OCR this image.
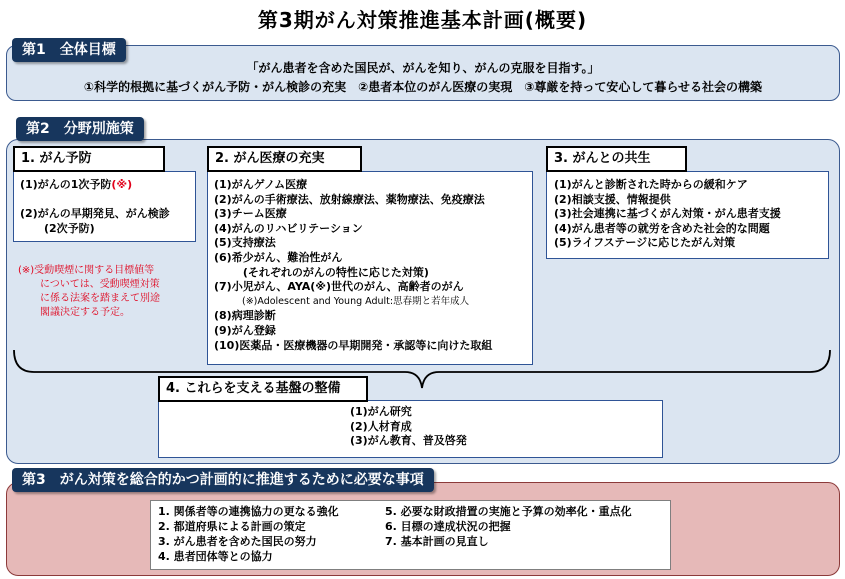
第3期がん対策推進基本計画(概要)
第1　全体目標
「がん患者を含めた国民が、がんを知り、がんの克服を目指す。」
①科学的根拠に基づくがん予防・がん検診の充実　②患者本位のがん医療の実現　③尊厳を持って安心して暮らせる社会の構築
第2　分野別施策
1. がん予防
(1)がんの1次予防(※)
(2)がんの早期発見、がん検診
(2次予防)
(※)受動喫煙に関する目標値等
については、受動喫煙対策
に係る法案を踏まえて別途
閣議決定する予定。
2. がん医療の充実
(1)がんゲノム医療
(2)がんの手術療法、放射線療法、薬物療法、免疫療法
(3)チーム医療
(4)がんのリハビリテーション
(5)支持療法
(6)希少がん、難治性がん
　 (それぞれのがんの特性に応じた対策)
(7)小児がん、AYA(※)世代のがん、高齢者のがん
(※)Adolescent and Young Adult:思春期と若年成人
(8)病理診断
(9)がん登録
(10)医薬品・医療機器の早期開発・承認等に向けた取組
3. がんとの共生
(1)がんと診断された時からの緩和ケア
(2)相談支援、情報提供
(3)社会連携に基づくがん対策・がん患者支援
(4)がん患者等の就労を含めた社会的な問題
(5)ライフステージに応じたがん対策
4. これらを支える基盤の整備
(1)がん研究
(2)人材育成
(3)がん教育、普及啓発
第3　がん対策を総合的かつ計画的に推進するために必要な事項
1. 関係者等の連携協力の更なる強化
2. 都道府県による計画の策定
3. がん患者を含めた国民の努力
4. 患者団体等との協力
5. 必要な財政措置の実施と予算の効率化・重点化
6. 目標の達成状況の把握
7. 基本計画の見直し
